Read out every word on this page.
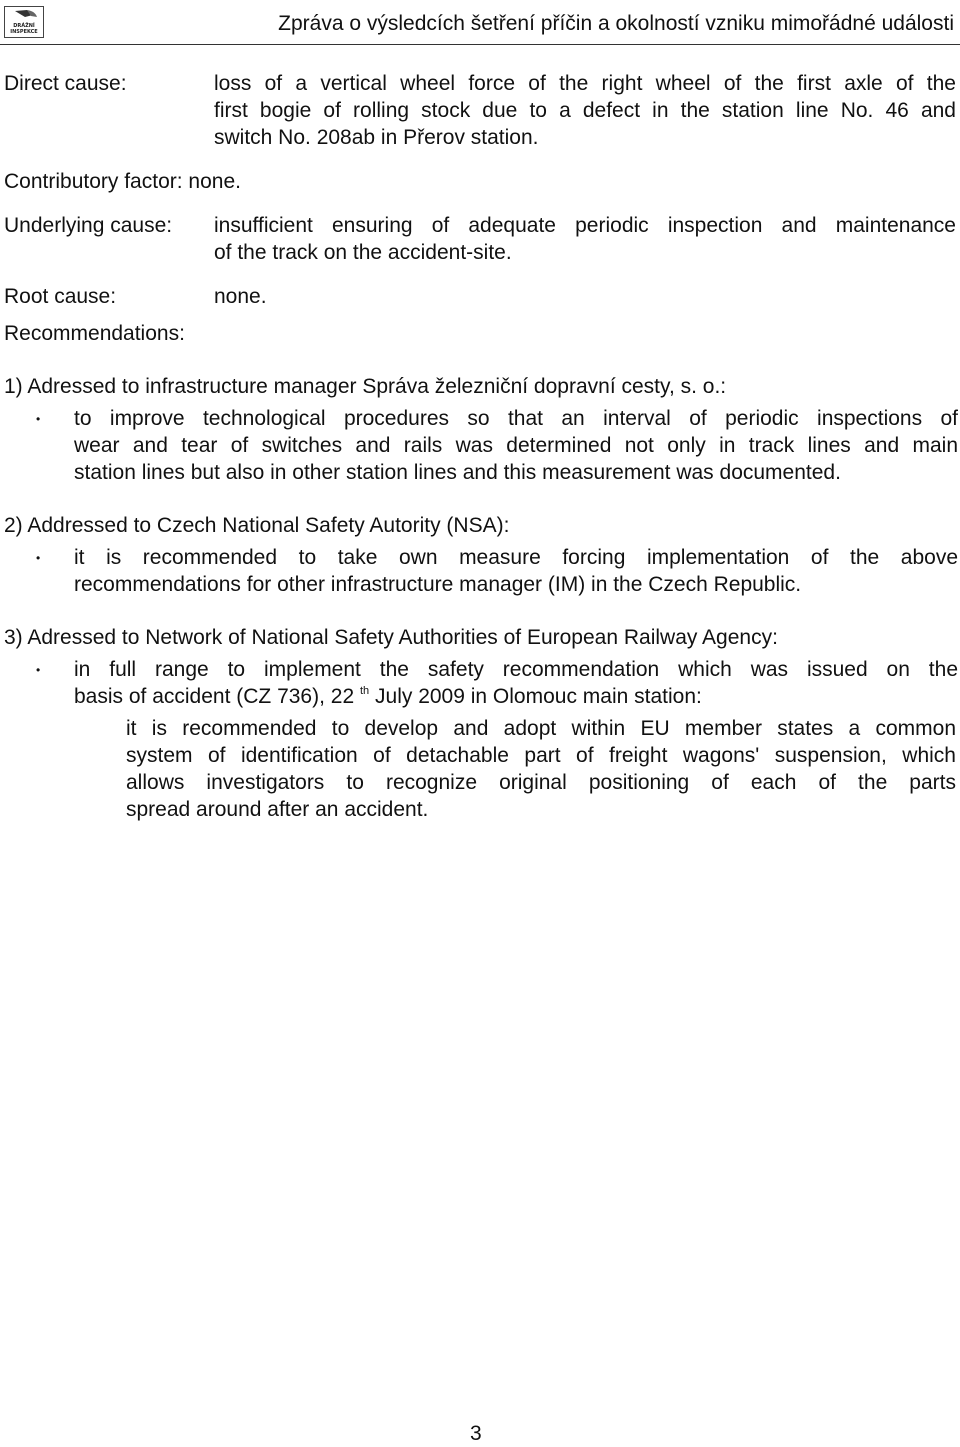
DRÁŽNÍ
INSPEKCE	Zpráva o výsledcích šetření příčin a okolností vzniku mimořádné události
Direct cause:	loss of a vertical wheel force of the right wheel of the first axle of the
first bogie of rolling stock due to a defect in the station line No. 46 and
switch No. 208ab in Přerov station.
Contributory factor: none.
Underlying cause: insufficient ensuring of adequate periodic inspection and maintenance
of the track on the accident-site.
Root cause:	none.
Recommendations:
1) Adressed to infrastructure manager Správa železniční dopravní cesty, s. o.:
• to improve technological procedures so that an interval of periodic inspections of
wear and tear of switches and rails was determined not only in track lines and main
station lines but also in other station lines and this measurement was documented.
2) Addressed to Czech National Safety Autority (NSA):
• it is recommended to take own measure forcing implementation of the above
recommendations for other infrastructure manager (IM) in the Czech Republic.
3) Adressed to Network of National Safety Authorities of European Railway Agency:
• in full range to implement the safety recommendation which was issued on the
basis of accident (CZ 736), 22 $^{th}$ July 2009 in Olomouc main station:
it is recommended to develop and adopt within EU member states a common
system of identification of detachable part of freight wagons' suspension, which
allows investigators to recognize original positioning of each of the parts
spread around after an accident.
3
